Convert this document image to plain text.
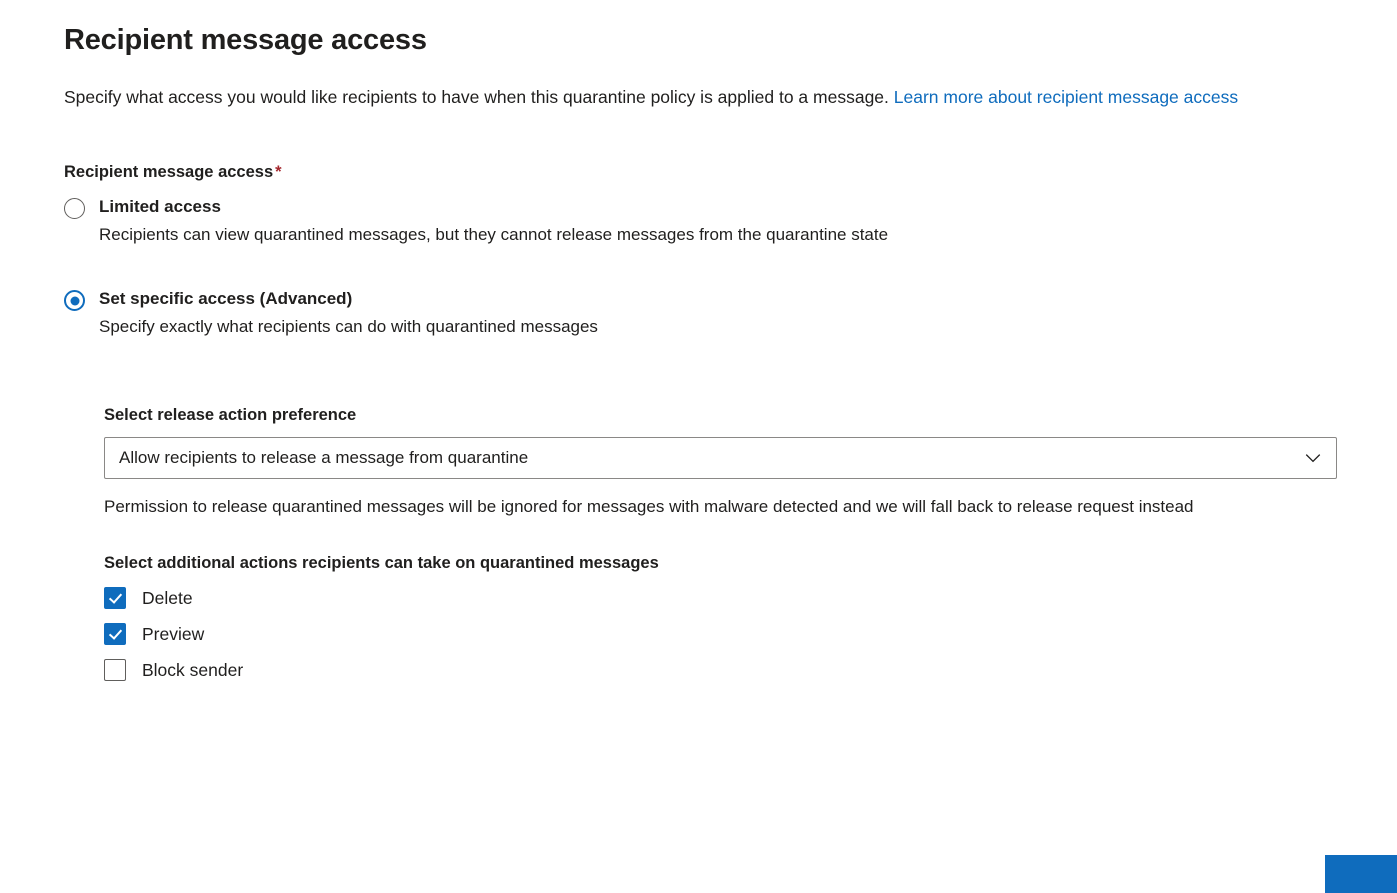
Recipient message access

Specify what access you would like recipients to have when this quarantine policy is applied to a message. Learn more about recipient message access

Recipient message access *
Limited access
Recipients can view quarantined messages, but they cannot release messages from the quarantine state
Set specific access (Advanced)
Specify exactly what recipients can do with quarantined messages
Select release action preference
Allow recipients to release a message from quarantine
Permission to release quarantined messages will be ignored for messages with malware detected and we will fall back to release request instead
Select additional actions recipients can take on quarantined messages
Delete
Preview
Block sender
